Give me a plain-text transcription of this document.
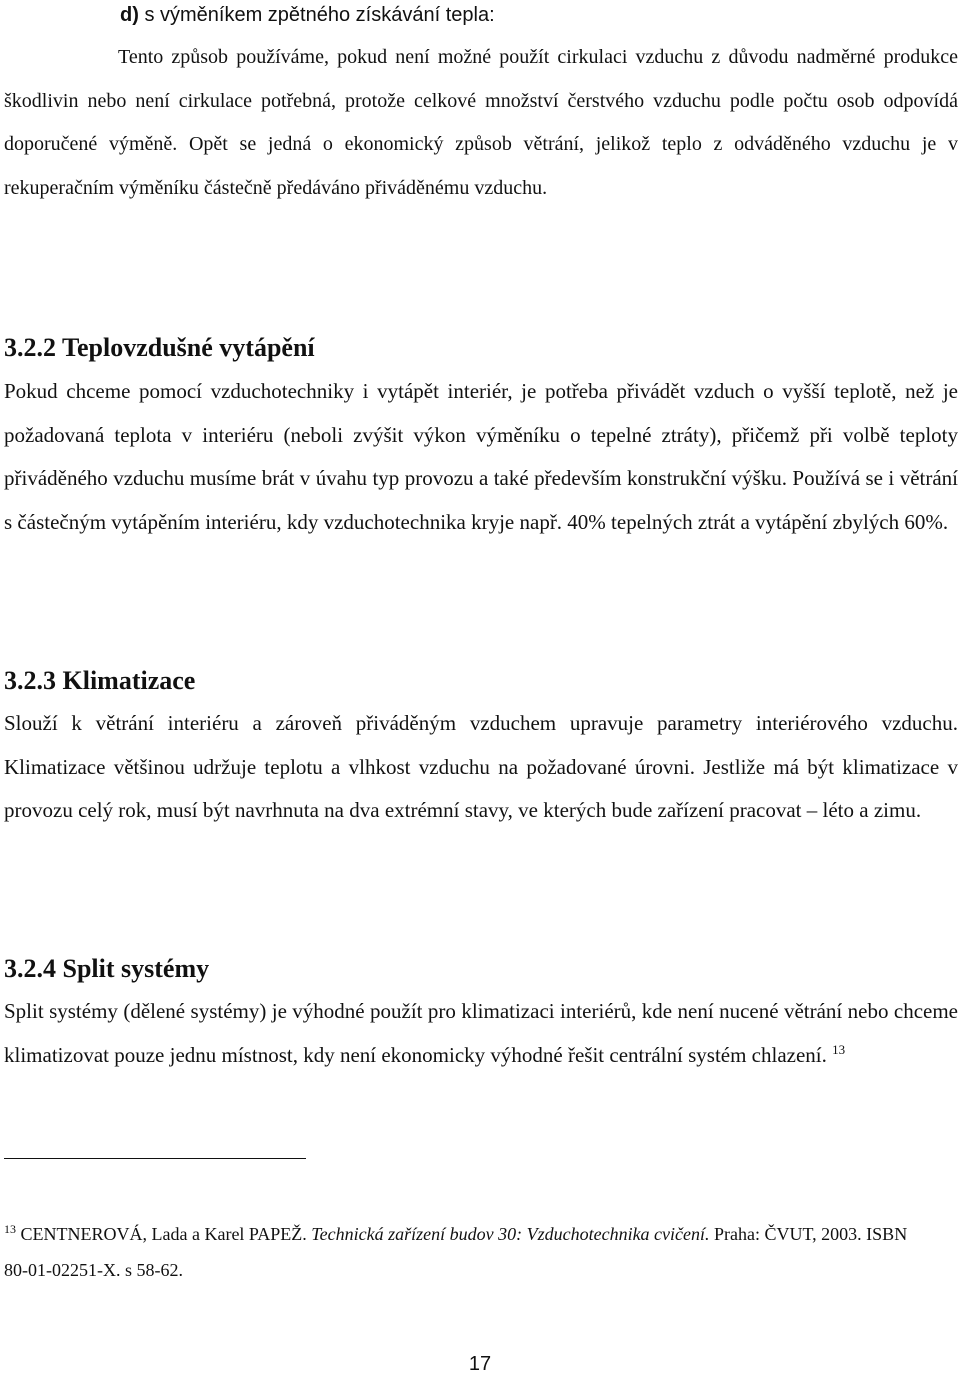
d) s výměníkem zpětného získávání tepla:
Tento způsob používáme, pokud není možné použít cirkulaci vzduchu z důvodu nadměrné produkce škodlivin nebo není cirkulace potřebná, protože celkové množství čerstvého vzduchu podle počtu osob odpovídá doporučené výměně. Opět se jedná o ekonomický způsob větrání, jelikož teplo z odváděného vzduchu je v rekuperačním výměníku částečně předáváno přiváděnému vzduchu.
3.2.2 Teplovzdušné vytápění
Pokud chceme pomocí vzduchotechniky i vytápět interiér, je potřeba přivádět vzduch o vyšší teplotě, než je požadovaná teplota v interiéru (neboli zvýšit výkon výměníku o tepelné ztráty), přičemž při volbě teploty přiváděného vzduchu musíme brát v úvahu typ provozu a také především konstrukční výšku. Používá se i větrání s částečným vytápěním interiéru, kdy vzduchotechnika kryje např. 40% tepelných ztrát a vytápění zbylých 60%.
3.2.3 Klimatizace
Slouží k větrání interiéru a zároveň přiváděným vzduchem upravuje parametry interiérového vzduchu. Klimatizace většinou udržuje teplotu a vlhkost vzduchu na požadované úrovni. Jestliže má být klimatizace v provozu celý rok, musí být navrhnuta na dva extrémní stavy, ve kterých bude zařízení pracovat – léto a zimu.
3.2.4 Split systémy
Split systémy (dělené systémy) je výhodné použít pro klimatizaci interiérů, kde není nucené větrání nebo chceme klimatizovat pouze jednu místnost, kdy není ekonomicky výhodné řešit centrální systém chlazení. $^{13}$
$^{13}$ CENTNEROVÁ, Lada a Karel PAPEŽ. Technická zařízení budov 30: Vzduchotechnika cvičení. Praha: ČVUT, 2003. ISBN 80-01-02251-X. s 58-62.
17
